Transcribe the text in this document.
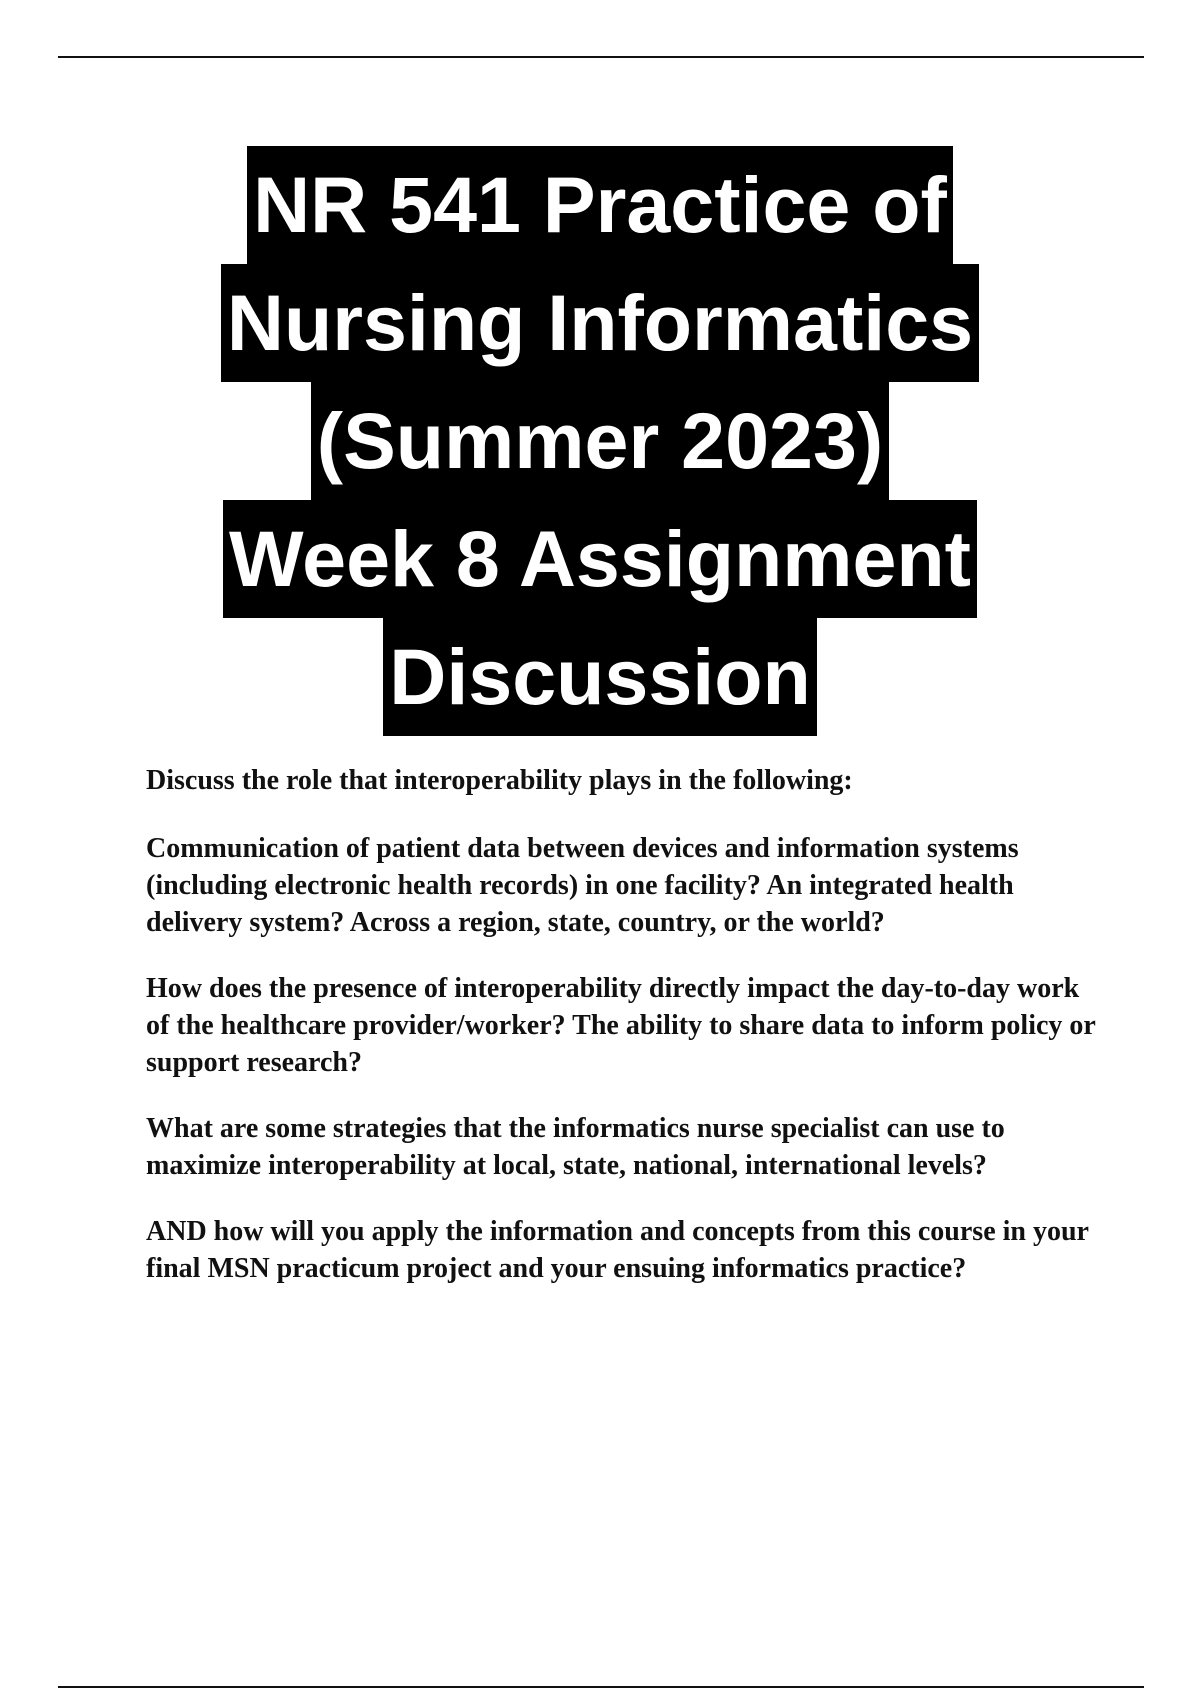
NR 541 Practice of
Nursing Informatics
(Summer 2023)
Week 8 Assignment
Discussion

Discuss the role that interoperability plays in the following:

Communication of patient data between devices and information systems (including electronic health records) in one facility? An integrated health delivery system? Across a region, state, country, or the world?

How does the presence of interoperability directly impact the day-to-day work of the healthcare provider/worker? The ability to share data to inform policy or support research?

What are some strategies that the informatics nurse specialist can use to maximize interoperability at local, state, national, international levels?

AND how will you apply the information and concepts from this course in your final MSN practicum project and your ensuing informatics practice?
